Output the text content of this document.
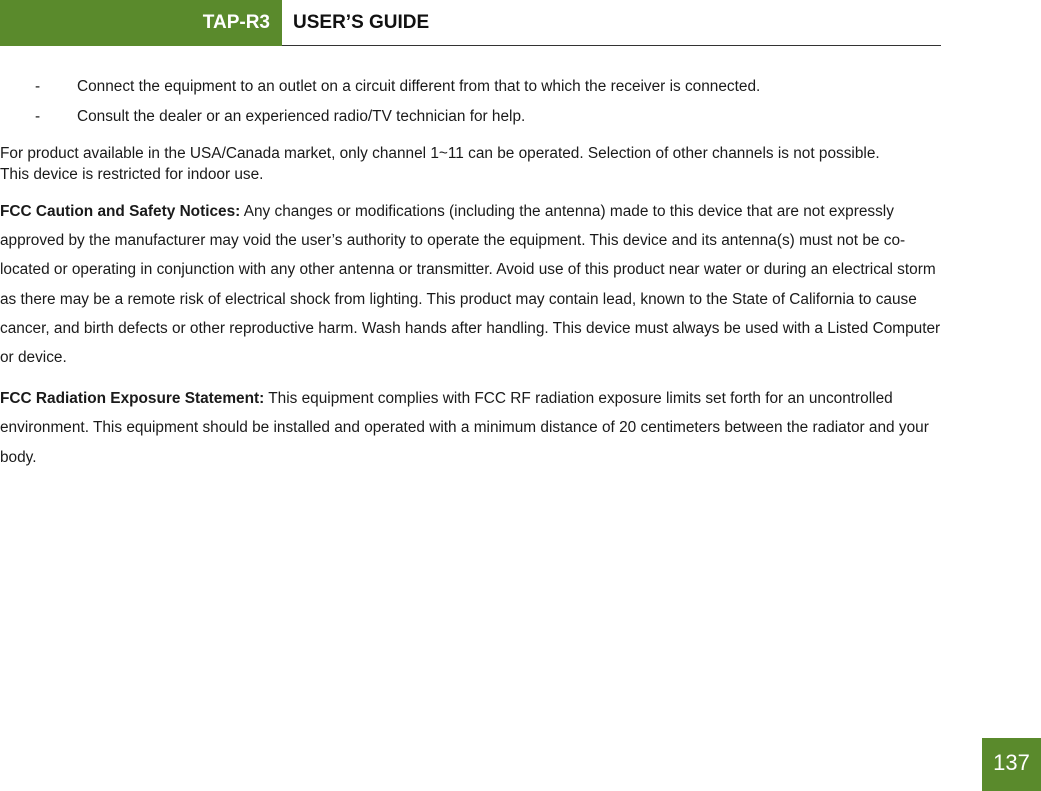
TAP-R3	USER’S GUIDE
- Connect the equipment to an outlet on a circuit different from that to which the receiver is connected.
- Consult the dealer or an experienced radio/TV technician for help.

For product available in the USA/Canada market, only channel 1~11 can be operated. Selection of other channels is not possible.

This device is restricted for indoor use.

FCC Caution and Safety Notices: Any changes or modifications (including the antenna) made to this device that are not expressly approved by the manufacturer may void the user’s authority to operate the equipment. This device and its antenna(s) must not be co-located or operating in conjunction with any other antenna or transmitter. Avoid use of this product near water or during an electrical storm as there may be a remote risk of electrical shock from lighting. This product may contain lead, known to the State of California to cause cancer, and birth defects or other reproductive harm. Wash hands after handling. This device must always be used with a Listed Computer or device.

FCC Radiation Exposure Statement: This equipment complies with FCC RF radiation exposure limits set forth for an uncontrolled environment. This equipment should be installed and operated with a minimum distance of 20 centimeters between the radiator and your body.

137
